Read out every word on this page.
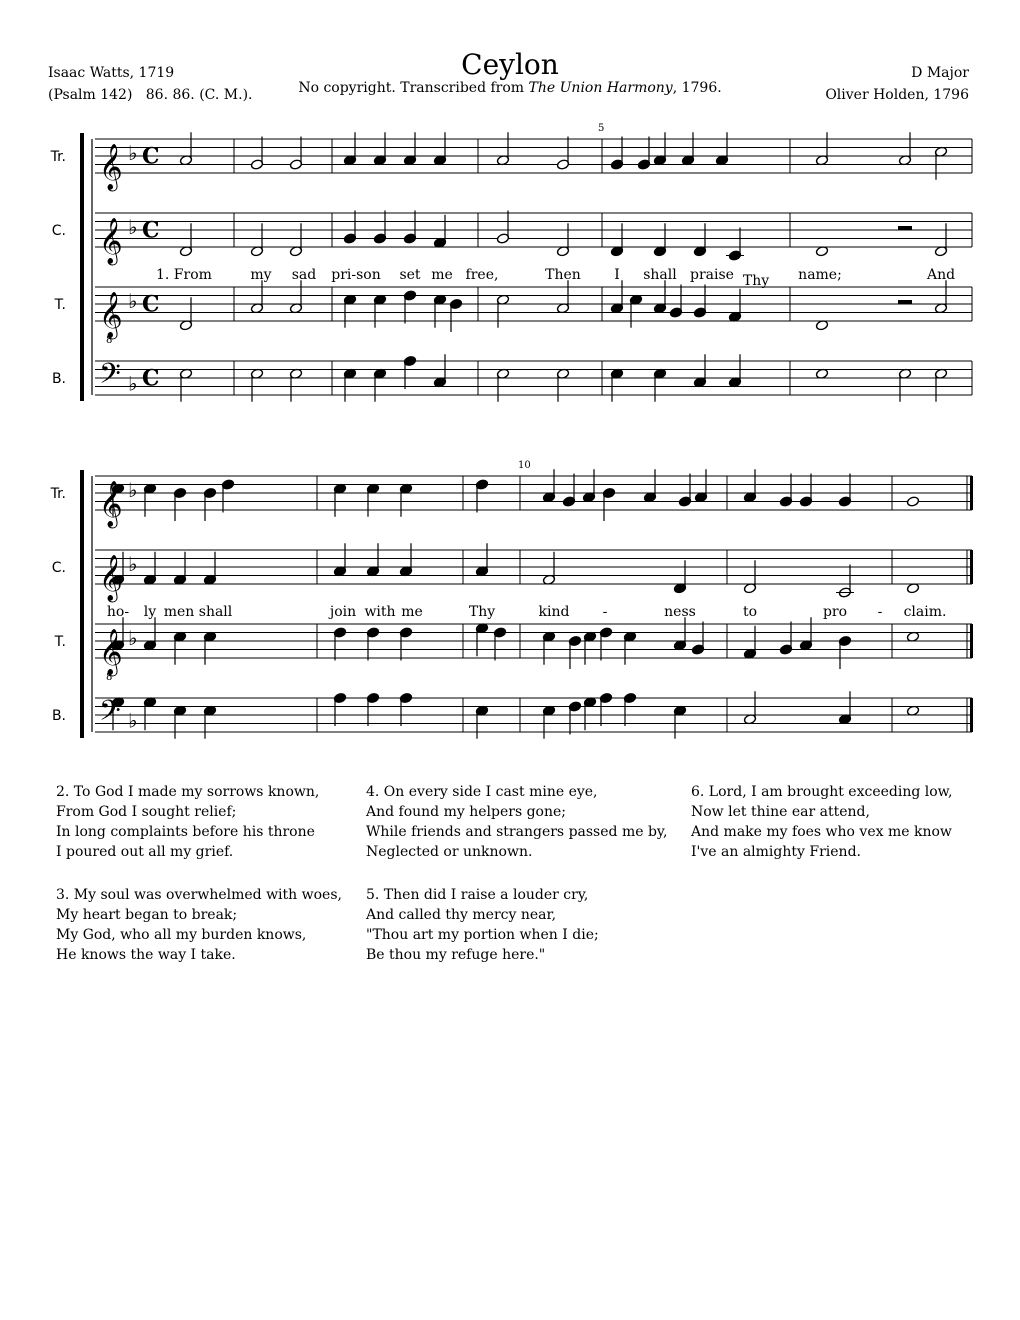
Isaac Watts, 1719
(Psalm 142)   86. 86. (C. M.).
D Major
Oliver Holden, 1796
Ceylon
No copyright. Transcribed from The Union Harmony, 1796.
𝄞 ♭ C
Tr.
𝄞 ♭ C
C.
𝄞
8
♭ C
T.
𝄢 ♭ C
B.
5
𝄞 ♭
Tr.
𝄞 ♭
C.
𝄞
8
♭
T.
𝄢 ♭
B.
10
1. From	my sad pri-son set me free,	Then I shall praise Thy name;	And
ho- ly men shall	join with me	Thy	kind -	ness	to	pro - claim.
2. To God I made my sorrows known,
From God I sought relief;
In long complaints before his throne
I poured out all my grief.
3. My soul was overwhelmed with woes,
My heart began to break;
My God, who all my burden knows,
He knows the way I take.
4. On every side I cast mine eye,
And found my helpers gone;
While friends and strangers passed me by,
Neglected or unknown.
5. Then did I raise a louder cry,
And called thy mercy near,
"Thou art my portion when I die;
Be thou my refuge here."
6. Lord, I am brought exceeding low,
Now let thine ear attend,
And make my foes who vex me know
I've an almighty Friend.
